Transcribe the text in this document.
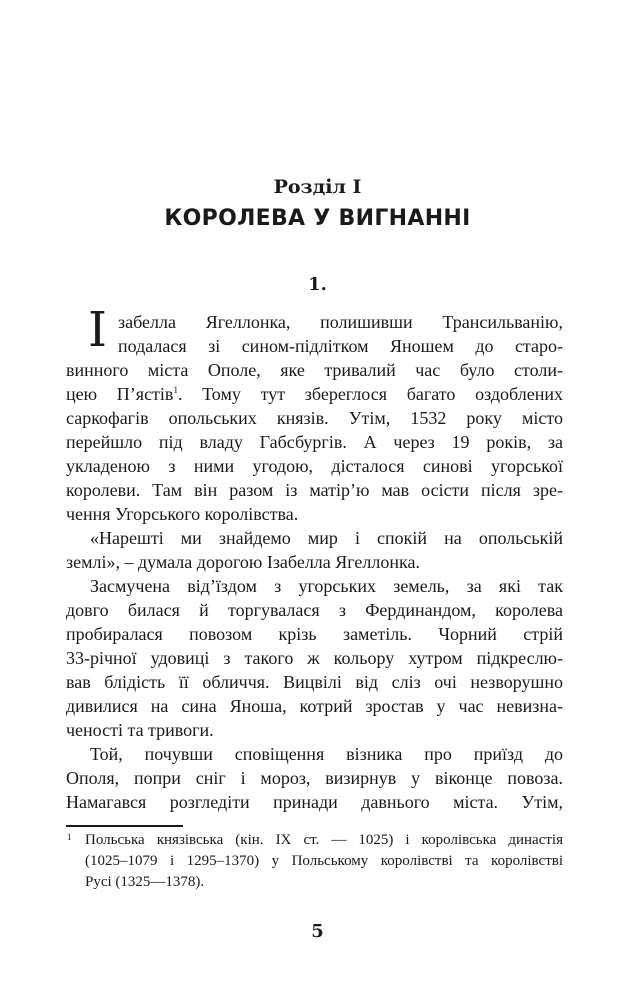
Розділ I
КОРОЛЕВА У ВИГНАННІ
1.
І забелла Ягеллонка, полишивши Трансильванію,
подалася зі сином-підлітком Яношем до старо-
винного міста Ополе, яке тривалий час було столи-
цею П’ястів$^1$. Тому тут збереглося багато оздоблених
саркофагів опольських князів. Утім, 1532 року місто
перейшло під владу Габсбургів. А через 19 років, за
укладеною з ними угодою, дісталося синові угорської
королеви. Там він разом із матір’ю мав осісти після зре-
чення Угорського королівства.
«Нарешті ми знайдемо мир і спокій на опольській
землі», – думала дорогою Ізабелла Ягеллонка.
Засмучена від’їздом з угорських земель, за які так
довго билася й торгувалася з Фердинандом, королева
пробиралася повозом крізь заметіль. Чорний стрій
33-річної удовиці з такого ж кольору хутром підкреслю-
вав блідість її обличчя. Вицвілі від сліз очі незворушно
дивилися на сина Яноша, котрий зростав у час невизна-
ченості та тривоги.
Той, почувши сповіщення візника про приїзд до
Ополя, попри сніг і мороз, визирнув у віконце повоза.
Намагався розгледіти принади давнього міста. Утім,
1 Польська князівська (кін. IX ст. — 1025) і королівська династія
(1025–1079 і 1295–1370) у Польському королівстві та королівстві
Русі (1325—1378).
5
